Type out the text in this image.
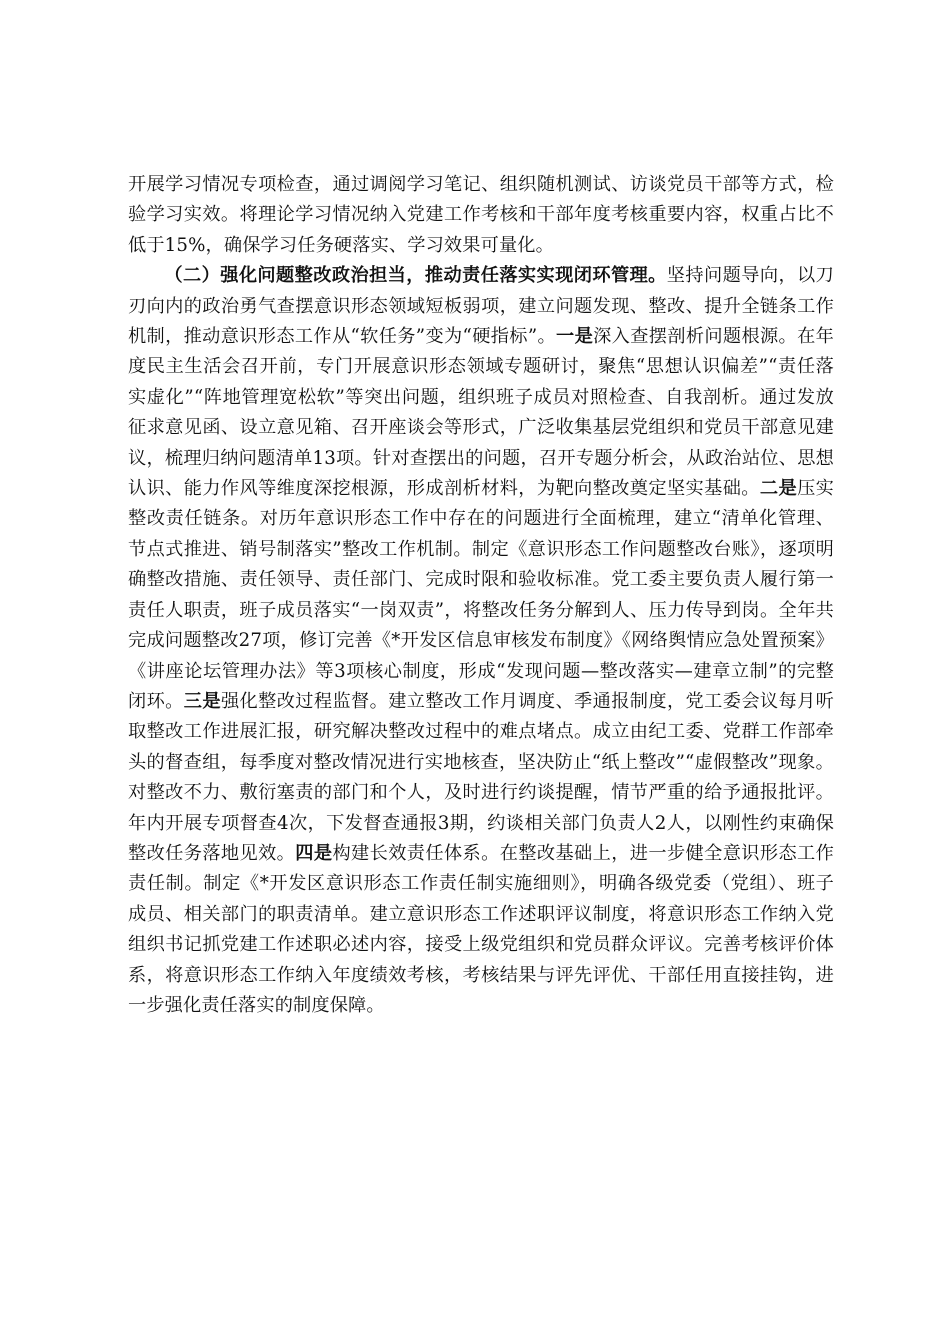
开展学习情况专项检查，通过调阅学习笔记、组织随机测试、访谈党员干部等方式，检验学习实效。将理论学习情况纳入党建工作考核和干部年度考核重要内容，权重占比不低于15%，确保学习任务硬落实、学习效果可量化。

（二）强化问题整改政治担当，推动责任落实实现闭环管理。坚持问题导向，以刀刃向内的政治勇气查摆意识形态领域短板弱项，建立问题发现、整改、提升全链条工作机制，推动意识形态工作从“软任务”变为“硬指标”。一是深入查摆剖析问题根源。在年度民主生活会召开前，专门开展意识形态领域专题研讨，聚焦“思想认识偏差”“责任落实虚化”“阵地管理宽松软”等突出问题，组织班子成员对照检查、自我剖析。通过发放征求意见函、设立意见箱、召开座谈会等形式，广泛收集基层党组织和党员干部意见建议，梳理归纳问题清单13项。针对查摆出的问题，召开专题分析会，从政治站位、思想认识、能力作风等维度深挖根源，形成剖析材料，为靶向整改奠定坚实基础。二是压实整改责任链条。对历年意识形态工作中存在的问题进行全面梳理，建立“清单化管理、节点式推进、销号制落实”整改工作机制。制定《意识形态工作问题整改台账》，逐项明确整改措施、责任领导、责任部门、完成时限和验收标准。党工委主要负责人履行第一责任人职责，班子成员落实“一岗双责”，将整改任务分解到人、压力传导到岗。全年共完成问题整改27项，修订完善《*开发区信息审核发布制度》《网络舆情应急处置预案》《讲座论坛管理办法》等3项核心制度，形成“发现问题—整改落实—建章立制”的完整闭环。三是强化整改过程监督。建立整改工作月调度、季通报制度，党工委会议每月听取整改工作进展汇报，研究解决整改过程中的难点堵点。成立由纪工委、党群工作部牵头的督查组，每季度对整改情况进行实地核查，坚决防止“纸上整改”“虚假整改”现象。对整改不力、敷衍塞责的部门和个人，及时进行约谈提醒，情节严重的给予通报批评。年内开展专项督查4次，下发督查通报3期，约谈相关部门负责人2人，以刚性约束确保整改任务落地见效。四是构建长效责任体系。在整改基础上，进一步健全意识形态工作责任制。制定《*开发区意识形态工作责任制实施细则》，明确各级党委（党组）、班子成员、相关部门的职责清单。建立意识形态工作述职评议制度，将意识形态工作纳入党组织书记抓党建工作述职必述内容，接受上级党组织和党员群众评议。完善考核评价体系，将意识形态工作纳入年度绩效考核，考核结果与评先评优、干部任用直接挂钩，进一步强化责任落实的制度保障。
